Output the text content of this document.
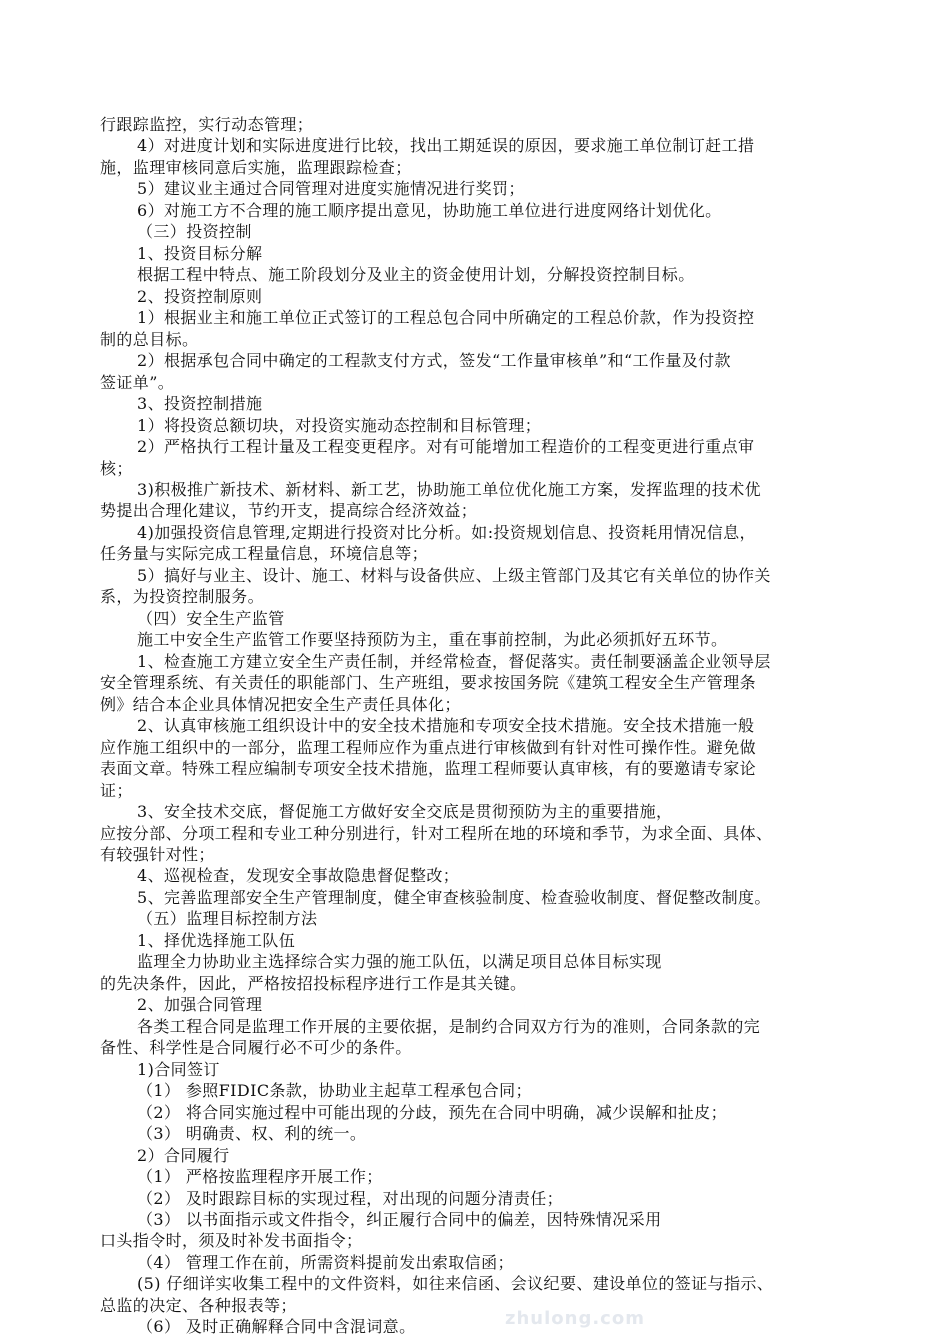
行跟踪监控，实行动态管理；
4）对进度计划和实际进度进行比较，找出工期延误的原因，要求施工单位制订赶工措
施，监理审核同意后实施，监理跟踪检查；
5）建议业主通过合同管理对进度实施情况进行奖罚；
6）对施工方不合理的施工顺序提出意见，协助施工单位进行进度网络计划优化。
（三）投资控制
1、投资目标分解
根据工程中特点、施工阶段划分及业主的资金使用计划，分解投资控制目标。
2、投资控制原则
1）根据业主和施工单位正式签订的工程总包合同中所确定的工程总价款，作为投资控
制的总目标。
2）根据承包合同中确定的工程款支付方式，签发“工作量审核单”和“工作量及付款
签证单”。
3、投资控制措施
1）将投资总额切块，对投资实施动态控制和目标管理；
2）严格执行工程计量及工程变更程序。对有可能增加工程造价的工程变更进行重点审
核；
3)积极推广新技术、新材料、新工艺，协助施工单位优化施工方案，发挥监理的技术优
势提出合理化建议，节约开支，提高综合经济效益；
4)加强投资信息管理,定期进行投资对比分析。如:投资规划信息、投资耗用情况信息，
任务量与实际完成工程量信息，环境信息等；
5）搞好与业主、设计、施工、材料与设备供应、上级主管部门及其它有关单位的协作关
系，为投资控制服务。
（四）安全生产监管
施工中安全生产监管工作要坚持预防为主，重在事前控制，为此必须抓好五环节。
1、检查施工方建立安全生产责任制，并经常检查，督促落实。责任制要涵盖企业领导层
安全管理系统、有关责任的职能部门、生产班组，要求按国务院《建筑工程安全生产管理条
例》结合本企业具体情况把安全生产责任具体化；
2、认真审核施工组织设计中的安全技术措施和专项安全技术措施。安全技术措施一般
应作施工组织中的一部分，监理工程师应作为重点进行审核做到有针对性可操作性。避免做
表面文章。特殊工程应编制专项安全技术措施，监理工程师要认真审核，有的要邀请专家论
证；
3、安全技术交底，督促施工方做好安全交底是贯彻预防为主的重要措施，
应按分部、分项工程和专业工种分别进行，针对工程所在地的环境和季节，为求全面、具体、
有较强针对性；
4、巡视检查，发现安全事故隐患督促整改；
5、完善监理部安全生产管理制度，健全审查核验制度、检查验收制度、督促整改制度。
（五）监理目标控制方法
1、择优选择施工队伍
监理全力协助业主选择综合实力强的施工队伍，以满足项目总体目标实现
的先决条件，因此，严格按招投标程序进行工作是其关键。
2、加强合同管理
各类工程合同是监理工作开展的主要依据，是制约合同双方行为的准则，合同条款的完
备性、科学性是合同履行必不可少的条件。
1)合同签订
（1） 参照FIDIC条款，协助业主起草工程承包合同；
（2） 将合同实施过程中可能出现的分歧，预先在合同中明确，减少误解和扯皮；
（3） 明确责、权、利的统一。
2）合同履行
（1） 严格按监理程序开展工作；
（2） 及时跟踪目标的实现过程，对出现的问题分清责任；
（3） 以书面指示或文件指令，纠正履行合同中的偏差，因特殊情况采用
口头指令时，须及时补发书面指令；
（4） 管理工作在前，所需资料提前发出索取信函；
(5) 仔细详实收集工程中的文件资料，如往来信函、会议纪要、建设单位的签证与指示、
总监的决定、各种报表等；
（6） 及时正确解释合同中含混词意。	zhulong.com
